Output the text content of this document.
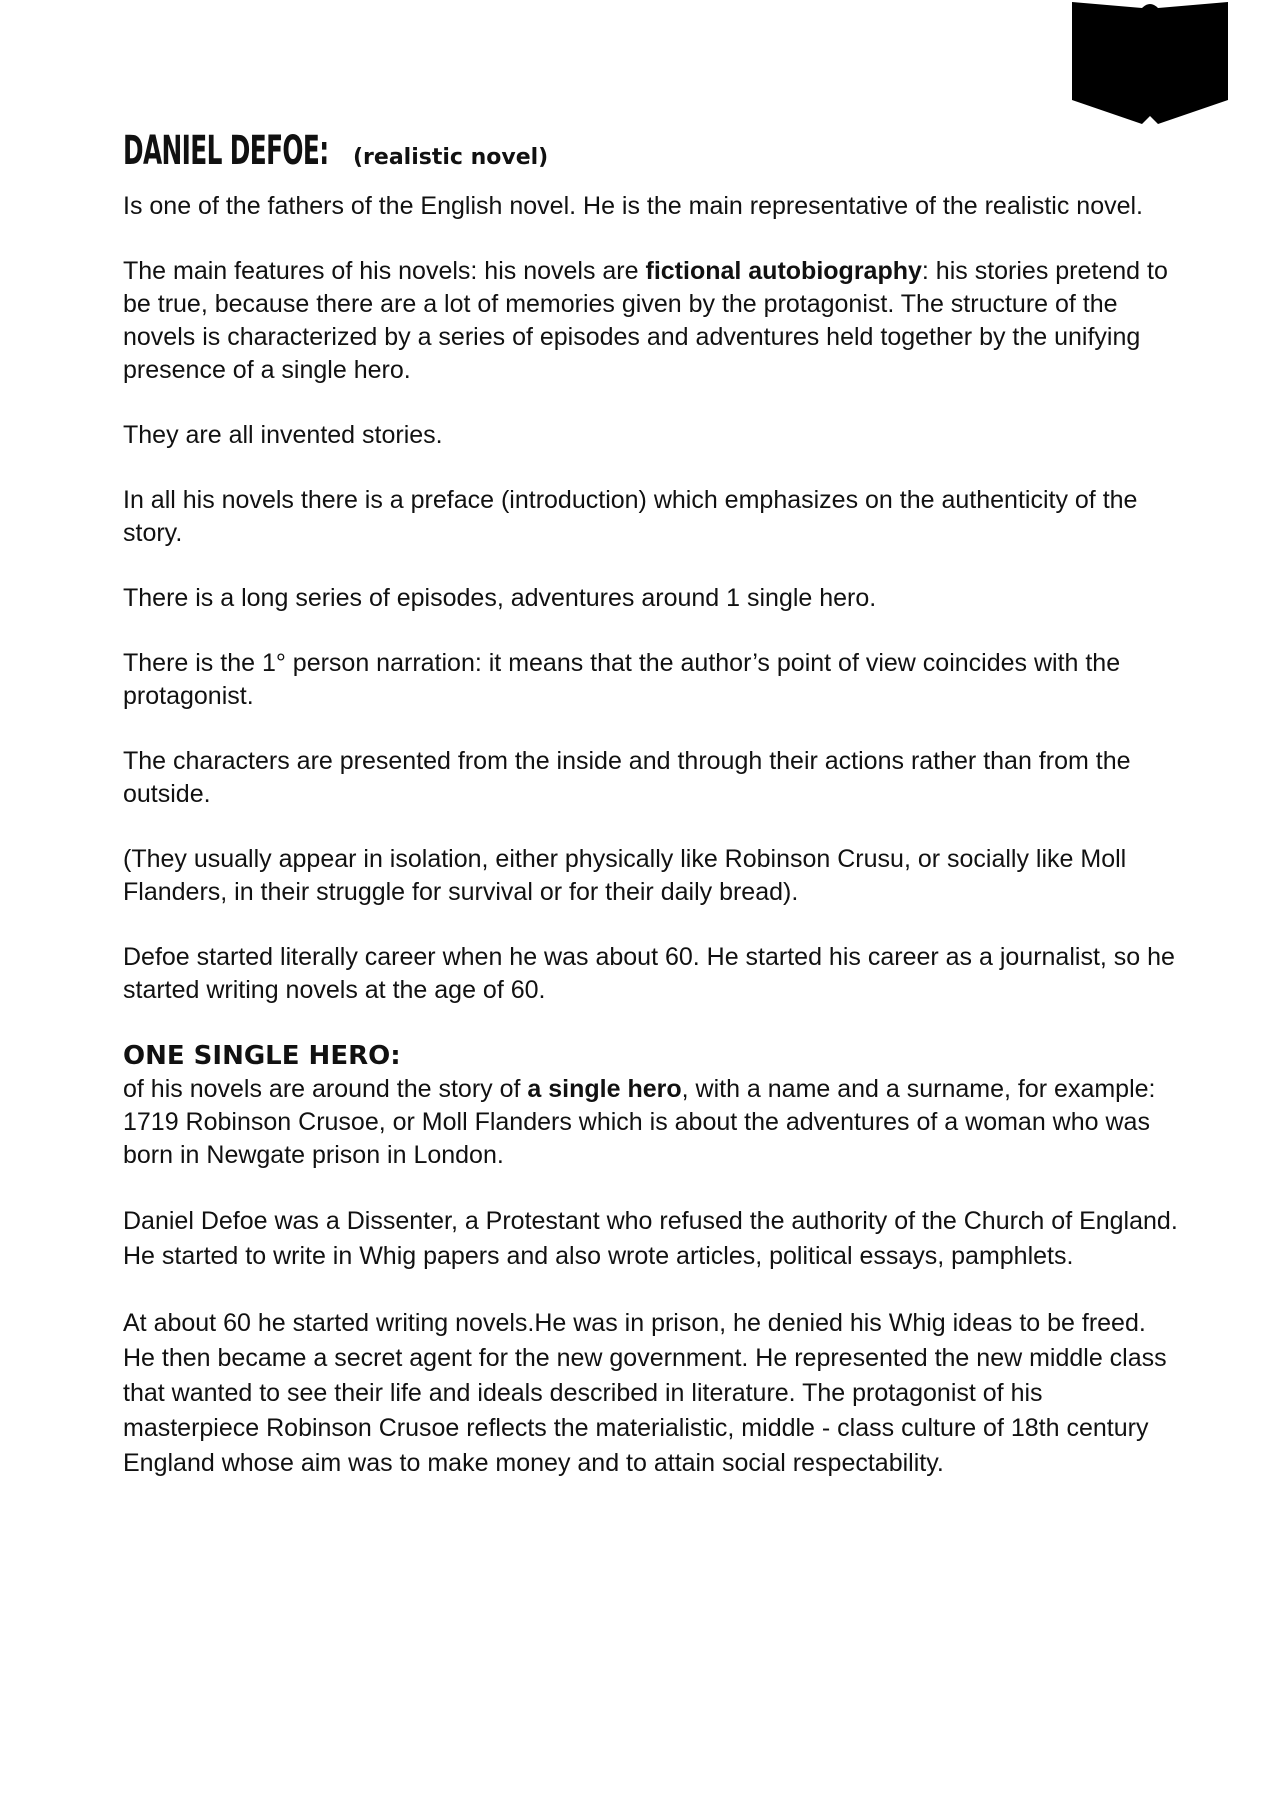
DANIEL DEFOE: (realistic novel)

Is one of the fathers of the English novel. He is the main representative of the realistic novel.

The main features of his novels: his novels are fictional autobiography: his stories pretend to be true, because there are a lot of memories given by the protagonist. The structure of the novels is characterized by a series of episodes and adventures held together by the unifying presence of a single hero.

They are all invented stories.

In all his novels there is a preface (introduction) which emphasizes on the authenticity of the story.

There is a long series of episodes, adventures around 1 single hero.

There is the 1° person narration: it means that the author’s point of view coincides with the protagonist.

The characters are presented from the inside and through their actions rather than from the outside.

(They usually appear in isolation, either physically like Robinson Crusu, or socially like Moll Flanders, in their struggle for survival or for their daily bread).

Defoe started literally career when he was about 60. He started his career as a journalist, so he started writing novels at the age of 60.

ONE SINGLE HERO:

of his novels are around the story of a single hero, with a name and a surname, for example: 1719 Robinson Crusoe, or Moll Flanders which is about the adventures of a woman who was born in Newgate prison in London.

Daniel Defoe was a Dissenter, a Protestant who refused the authority of the Church of England. He started to write in Whig papers and also wrote articles, political essays, pamphlets.

At about 60 he started writing novels.He was in prison, he denied his Whig ideas to be freed. He then became a secret agent for the new government. He represented the new middle class that wanted to see their life and ideals described in literature. The protagonist of his masterpiece Robinson Crusoe reflects the materialistic, middle - class culture of 18th century England whose aim was to make money and to attain social respectability.
